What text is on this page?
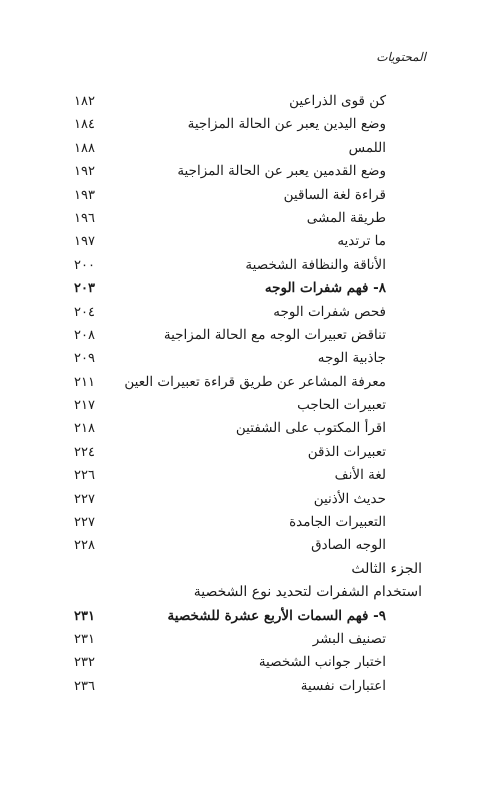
المحتويات
كن قوى الذراعين
١٨٢
وضع اليدين يعبر عن الحالة المزاجية
١٨٤
اللمس
١٨٨
وضع القدمين يعبر عن الحالة المزاجية
١٩٢
قراءة لغة الساقين
١٩٣
طريقة المشى
١٩٦
ما ترتديه
١٩٧
الأناقة والنظافة الشخصية
٢٠٠
٨- فهم شفرات الوجه
٢٠٣
فحص شفرات الوجه
٢٠٤
تناقض تعبيرات الوجه مع الحالة المزاجية
٢٠٨
جاذبية الوجه
٢٠٩
معرفة المشاعر عن طريق قراءة تعبيرات العين
٢١١
تعبيرات الحاجب
٢١٧
اقرأ المكتوب على الشفتين
٢١٨
تعبيرات الذقن
٢٢٤
لغة الأنف
٢٢٦
حديث الأذنين
٢٢٧
التعبيرات الجامدة
٢٢٧
الوجه الصادق
٢٢٨
الجزء الثالث
استخدام الشفرات لتحديد نوع الشخصية
٩- فهم السمات الأربع عشرة للشخصية
٢٣١
تصنيف البشر
٢٣١
اختبار جوانب الشخصية
٢٣٢
اعتبارات نفسية
٢٣٦
